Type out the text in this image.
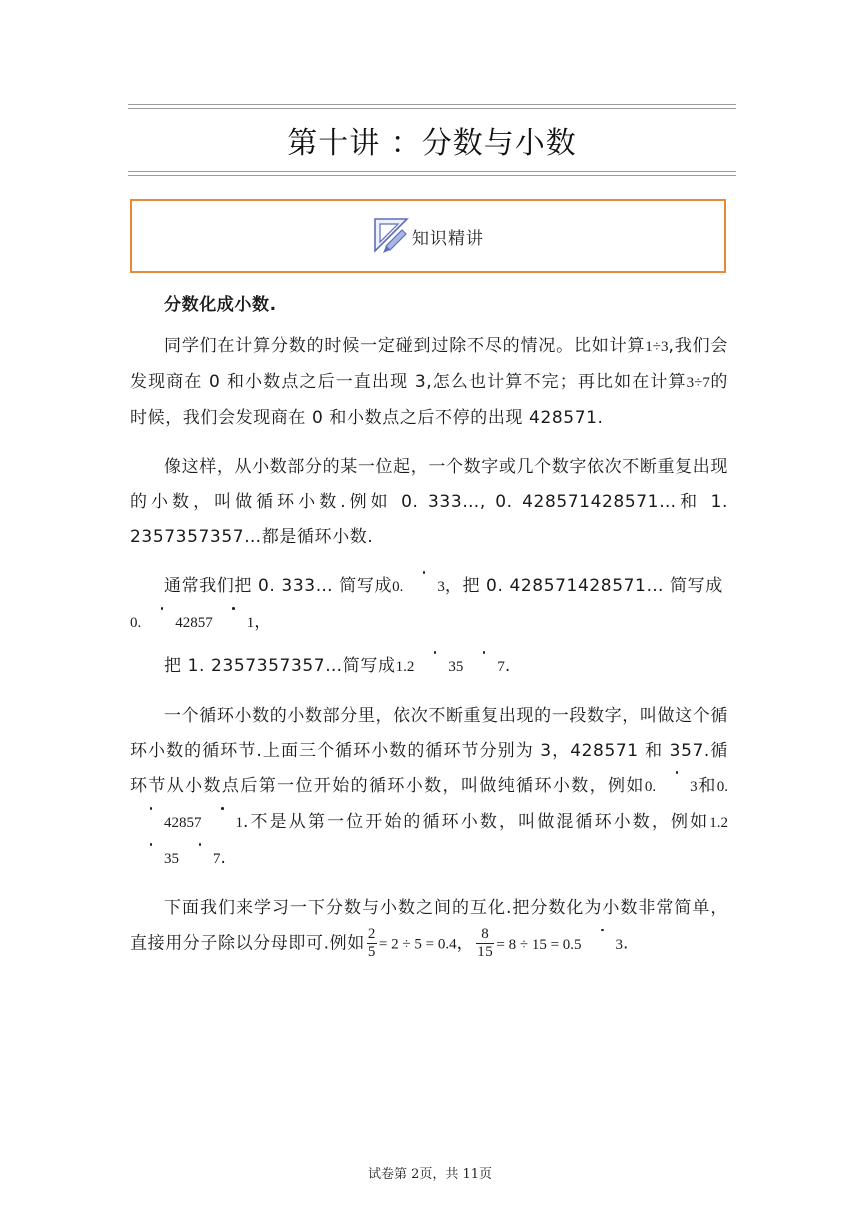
第十讲 ：分数与小数
知识精讲

分数化成小数.

同学们在计算分数的时候一定碰到过除不尽的情况。比如计算1÷3,我们会发现商在 0 和小数点之后一直出现 3,怎么也计算不完；再比如在计算3÷7的时候，我们会发现商在 0 和小数点之后不停的出现 428571.

像这样，从小数部分的某一位起，一个数字或几个数字依次不断重复出现的小数，叫做循环小数.例如 0. 333…, 0. 428571428571…和 1. 2357357357…都是循环小数.

通常我们把 0. 333… 简写成0. 3，把 0. 428571428571… 简写成
0. 42857 1，

把 1. 2357357357…简写成1.2 35 7.

一个循环小数的小数部分里，依次不断重复出现的一段数字，叫做这个循环小数的循环节.上面三个循环小数的循环节分别为 3，428571 和 357.循环节从小数点后第一位开始的循环小数，叫做纯循环小数，例如0. 3和0.42857 1.不是从第一位开始的循环小数，叫做混循环小数，例如1.235 7.

下面我们来学习一下分数与小数之间的互化.把分数化为小数非常简单，直接用分子除以分母即可.例如 $\frac{2}{5} = 2 \div 5 = 0.4$， $\frac{8}{15} = 8 \div 15 = 0.5$ 3.

试卷第 2页，共 11页
